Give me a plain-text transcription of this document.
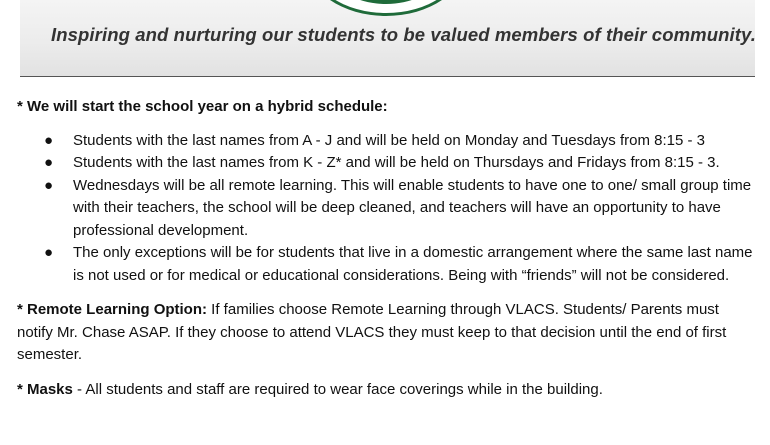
Inspiring and nurturing our students to be valued members of their community.

* We will start the school year on a hybrid schedule:

● Students with the last names from A - J and will be held on Monday and Tuesdays from 8:15 - 3
● Students with the last names from K - Z* and will be held on Thursdays and Fridays from 8:15 - 3.
● Wednesdays will be all remote learning. This will enable students to have one to one/ small group time with their teachers, the school will be deep cleaned, and teachers will have an opportunity to have professional development.
● The only exceptions will be for students that live in a domestic arrangement where the same last name is not used or for medical or educational considerations. Being with “friends” will not be considered.

* Remote Learning Option: If families choose Remote Learning through VLACS. Students/ Parents must notify Mr. Chase ASAP. If they choose to attend VLACS they must keep to that decision until the end of first semester.

* Masks - All students and staff are required to wear face coverings while in the building.
